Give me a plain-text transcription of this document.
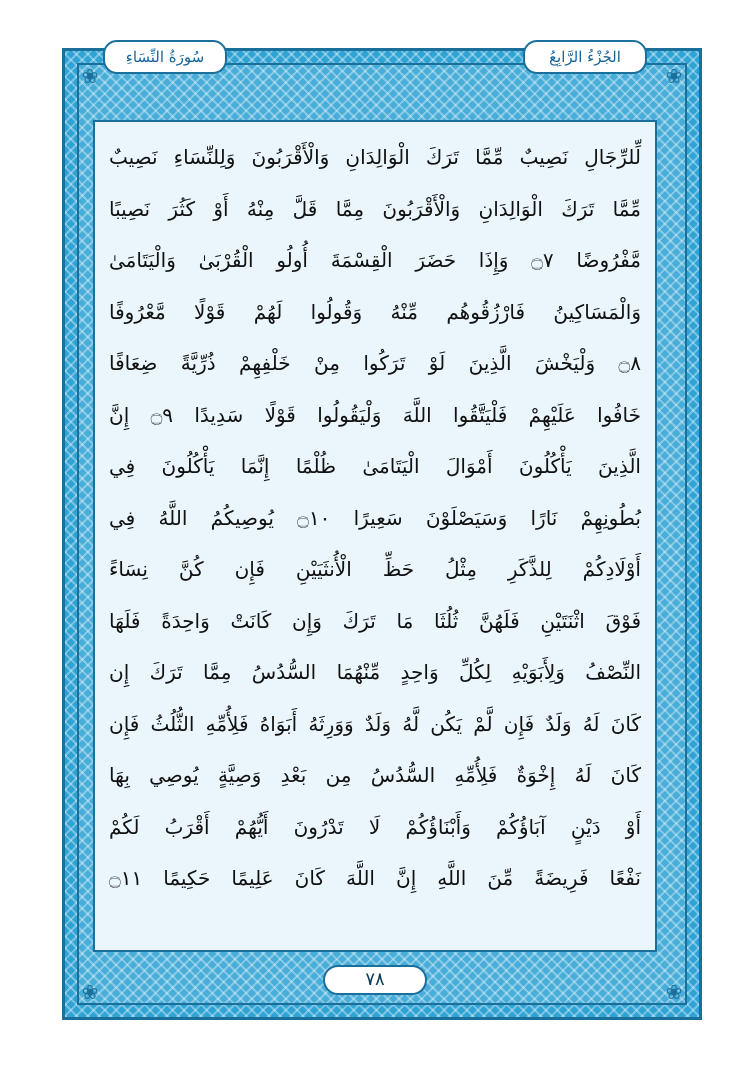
❀	❀
❀	❀
الجُزْءُ الرَّابِعُ
سُورَةُ النِّسَاءِ
لِّلرِّجَالِ نَصِيبٌ مِّمَّا تَرَكَ الْوَالِدَانِ وَالْأَقْرَبُونَ وَلِلنِّسَاءِ نَصِيبٌ
مِّمَّا تَرَكَ الْوَالِدَانِ وَالْأَقْرَبُونَ مِمَّا قَلَّ مِنْهُ أَوْ كَثُرَ نَصِيبًا
مَّفْرُوضًا ۝٧ وَإِذَا حَضَرَ الْقِسْمَةَ أُولُو الْقُرْبَىٰ وَالْيَتَامَىٰ
وَالْمَسَاكِينُ فَارْزُقُوهُم مِّنْهُ وَقُولُوا لَهُمْ قَوْلًا مَّعْرُوفًا
۝٨ وَلْيَخْشَ الَّذِينَ لَوْ تَرَكُوا مِنْ خَلْفِهِمْ ذُرِّيَّةً ضِعَافًا
خَافُوا عَلَيْهِمْ فَلْيَتَّقُوا اللَّهَ وَلْيَقُولُوا قَوْلًا سَدِيدًا ۝٩ إِنَّ
الَّذِينَ يَأْكُلُونَ أَمْوَالَ الْيَتَامَىٰ ظُلْمًا إِنَّمَا يَأْكُلُونَ فِي
بُطُونِهِمْ نَارًا وَسَيَصْلَوْنَ سَعِيرًا ۝١٠ يُوصِيكُمُ اللَّهُ فِي
أَوْلَادِكُمْ لِلذَّكَرِ مِثْلُ حَظِّ الْأُنثَيَيْنِ فَإِن كُنَّ نِسَاءً
فَوْقَ اثْنَتَيْنِ فَلَهُنَّ ثُلُثَا مَا تَرَكَ وَإِن كَانَتْ وَاحِدَةً فَلَهَا
النِّصْفُ وَلِأَبَوَيْهِ لِكُلِّ وَاحِدٍ مِّنْهُمَا السُّدُسُ مِمَّا تَرَكَ إِن
كَانَ لَهُ وَلَدٌ فَإِن لَّمْ يَكُن لَّهُ وَلَدٌ وَوَرِثَهُ أَبَوَاهُ فَلِأُمِّهِ الثُّلُثُ فَإِن
كَانَ لَهُ إِخْوَةٌ فَلِأُمِّهِ السُّدُسُ مِن بَعْدِ وَصِيَّةٍ يُوصِي بِهَا
أَوْ دَيْنٍ آبَاؤُكُمْ وَأَبْنَاؤُكُمْ لَا تَدْرُونَ أَيُّهُمْ أَقْرَبُ لَكُمْ
نَفْعًا فَرِيضَةً مِّنَ اللَّهِ إِنَّ اللَّهَ كَانَ عَلِيمًا حَكِيمًا ۝١١
٧٨
